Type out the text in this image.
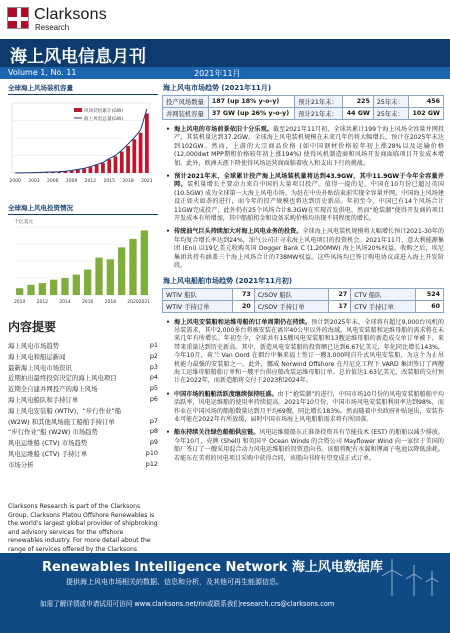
Clarksons
Research
海上风电信息月刊
Volume 1, No. 11	2021年11月
全球海上风场装机容量
2000 2003 2006 2009 2012 2015 2018 2021
风场装机累计(GW)
海上风电总量(GW)
全球海上风电投资情况
十亿美元
2010 2012 2014 2016 2018 2020 2021
内容提要
海上风电市场趋势	p1
海上风电和船运新闻	p2
最新海上风电市场资讯	p3
近期拍出最终投资决定的海上风电项目	p4
近期全自建并网投产的海上风场	p5
海上风电船队和手持订单	p6
海上风电安装船 (WTIV)，“步行作业”船
(W2W) 和其他风场施工船舶手持订单	p7
“步行作业”船 (W2W) 市场趋势	p8
风电运维船 (CTV) 市场趋势	p9
风电运维船 (CTV) 手持订单	p10
市场分析	p12
Clarksons Research is part of the Clarksons Group. Clarksons Platou Offshore Renewables is the world's largest global provider of shipbroking and advisory services for the offshore renewables industry. For more detail about the range of services offered by the Clarksons
海上风电市场趋势 (2021年11月)
投产风场数量	187 (up 18% y-o-y)	预计21年末：	225	25年末：	456
并网装机容量	37 GW (up 26% y-o-y)	预计21年末：	44 GW	25年末：	102 GW

• 海上风电的市场前景依旧十分乐观。截至2021年11月初，全球共累计199个海上风场全容量并网投产，其装机量达到37.2GW。全球海上风电装机规模在未来几年仍将大幅增长，预计在2025年末达到102GW。然而，上游的大宗商品价格 (如中国钢材价格较年初上涨28%以及运输价格 (12,000dwt MPP期租价格较年初上涨194%) 使得风机制造商和风场开发商面临项目开发成本增加。此外，欧洲天涯下降使得风场运营商面临着收入和支出下行的挑战。

• 预计2021年末，全球累计投产海上风场装机量将达到43.9GW，其中11.9GW于今年全容量并网。装机量增长主要动力来自中国的大量项目投产。值得一提的是，中国在10月份已超过英国 (10.5GW) 成为全球第一大海上风电市场。为赶在中央补贴结束前实现全容量并网，中国海上风场建设正如火如荼的进行，而今年的投产规模也将达到历史新高。年初至今，中国已有14个风场合计11GW完成投产，此外仍有25个风场合计8.3GW在实现首发供电，然而“抢装潮”使得开发商的项目开发成本有所增加，其中船舶租金和设备采购价格均出现不同程度的增长。

• 传统油气巨头持续加大对海上风电业务的投资。全球海上风电装机规模将大幅增长预计2021-30年的年均复合增长率达到24%，油气公司正寻求海上风电项目的投资机会。2021年11月，意大利能源集团 (Eni) 以19亿美元收购英国 Dogger Bank C (1,200MW) 海上风场20%权益。收购之后，埃尼集团共持有涵盖三个海上风场合计的738MW权益。这些风场均已签订购电协议或进入海上开发阶段。

海上风电船舶市场趋势 (2021年11月初)
WTIV 船队	73	C/SOV 船队	27	CTV 船队	524
WTIV 手持订单	20	C/SOV 手持订单	17	CTV 手持订单	60

• 海上风电安装船和运维母船的订单周期仍在持续。预计到2025年末，全球将有超过9,000台风机的吊装需求，其中2,000多台将被安装在离岸40公里以外的海域。风电安装船和运维母船的需求将在未来几年有所增长。年初至今，全球共有15艘风电安装船和13艘运维母船的新造成交单订单被下，来带来重量达到历史新高。其中，新造风电安装船的投资额已达到6.67亿美元，年化同比增长143%。今年10月，荷兰 Van Oord 在烟台中集来福士签订一艘3,000吨自升式风电安装船，为这个为止吊机能力最强的安装船之一。此外，挪威 Norwind Offshore 在丹尼克工程下 VARD 集团签订了两艘海工运维母船船舶订单和一艘平台供应船改装运维母船订单。总价值达1.63亿美元，改装船的交付预计在2022年，而新造船将交付于2023和2024年。

• 中国市场的船舶活跃度继续保持旺盛。由于“抢装潮”的进行，中国市场10月份的风电安装船船舶平均活跃率，风电运维船的使用率持续提高。2021年10月份，中国市场风电安装船利用率达到98%，而作业在中国风场的船舶数量达到月平均69艘，同比增长183%。然而随着中央政府补贴退出，安装作业可能在2022年有所放缓，届时中国市场海上风电船舶需求将有所回落。

• 船东持续关注绿色船舶供应链。风电运维船船东正准备投资具有节能技术 (EST) 的船舶以减少排放。今年10月，壳牌 (Shell) 和英国平 Ocean Winds 的合资公司 Mayflower Wind 向一家位于美国的船厂签订了一艘采用混合动力风电运维船的投资意向书。该船将配有水翼和锂离子电池以降低油耗。若能东在美将的风电项目采购中获得合同，该船向书将有望变成正式订单。

Renewables Intelligence Network 海上风电数据库
提供海上风电市场相关的数据、信息和分析，及其他可再生能源信息。
如需了解详情或申请试用可访问 www.clarksons.net/rin或联系我们research.crs@clarksons.com
